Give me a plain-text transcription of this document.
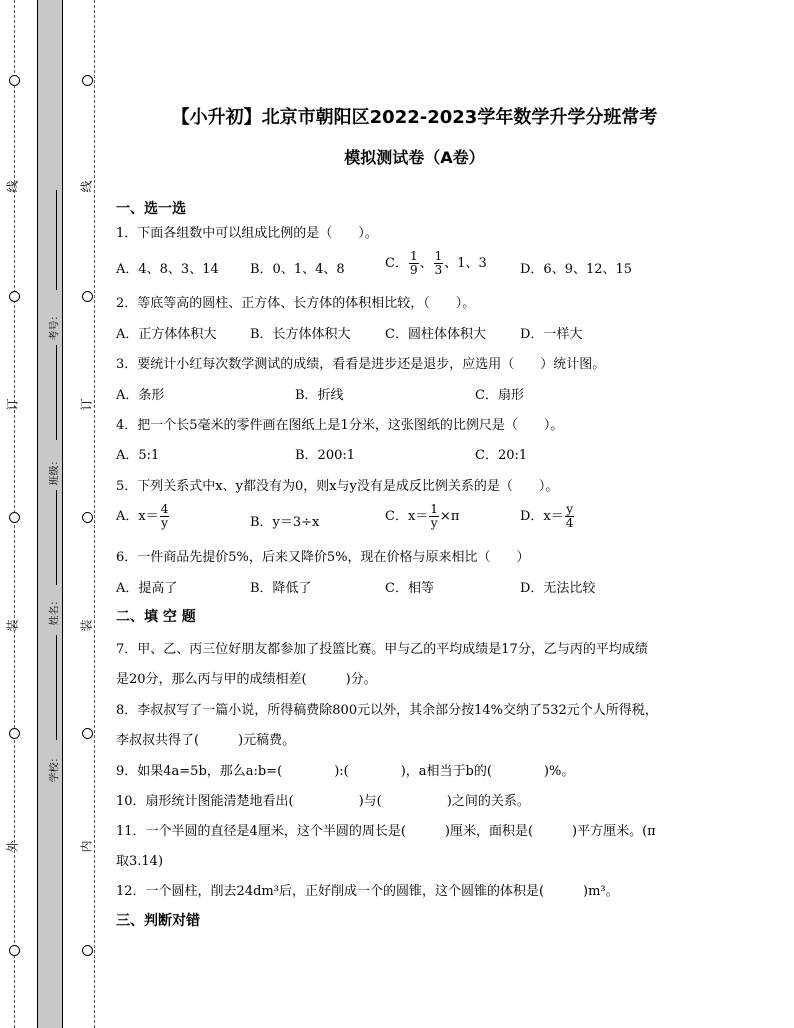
线
订
装
外
线
订
装
内
考号：
班级：
姓名：
学校：
【小升初】北京市朝阳区2022-2023学年数学升学分班常考
模拟测试卷（A卷）
一、选一选
1．下面各组数中可以组成比例的是（　　）。
A．4、8、3、14 B．0、1、4、8	C． $\frac{1}{9}$ 、 $\frac{1}{3}$ 、1、3	D．6、9、12、15
2．等底等高的圆柱、正方体、长方体的体积相比较，（　　）。
A．正方体体积大	B．长方体体积大	C．圆柱体体积大	D．一样大
3．要统计小红每次数学测试的成绩，看看是进步还是退步，应选用（　　）统计图。
A．条形	B．折线	C．扇形
4．把一个长5毫米的零件画在图纸上是1分米，这张图纸的比例尺是（　　）。
A．5:1	B．200:1	C．20:1
5．下列关系式中x、y都没有为0，则x与y没有是成反比例关系的是（　　）。
A．$x= \frac{4}{y}$	B．y＝3÷x	C．$x= \frac{1}{y} \times\pi$	D．$x= \frac{y}{4}$
6．一件商品先提价5%，后来又降价5%，现在价格与原来相比（　　）
A．提高了	B．降低了	C．相等	D．无法比较
二、填 空 题
7．甲、乙、丙三位好朋友都参加了投篮比赛。甲与乙的平均成绩是17分，乙与丙的平均成绩
是20分，那么丙与甲的成绩相差(　　　)分。
8．李叔叔写了一篇小说，所得稿费除800元以外，其余部分按14%交纳了532元个人所得税，
李叔叔共得了(　　　)元稿费。
9．如果4a=5b，那么a:b=(　　　　):(　　　　)，a相当于b的(　　　　)%。
10．扇形统计图能清楚地看出(　　　　　)与(　　　　　)之间的关系。
11．一个半圆的直径是4厘米，这个半圆的周长是(　　　)厘米，面积是(　　　)平方厘米。(π
取3.14)
12．一个圆柱，削去24dm³后，正好削成一个的圆锥，这个圆锥的体积是(　　　)m³。
三、判断对错
